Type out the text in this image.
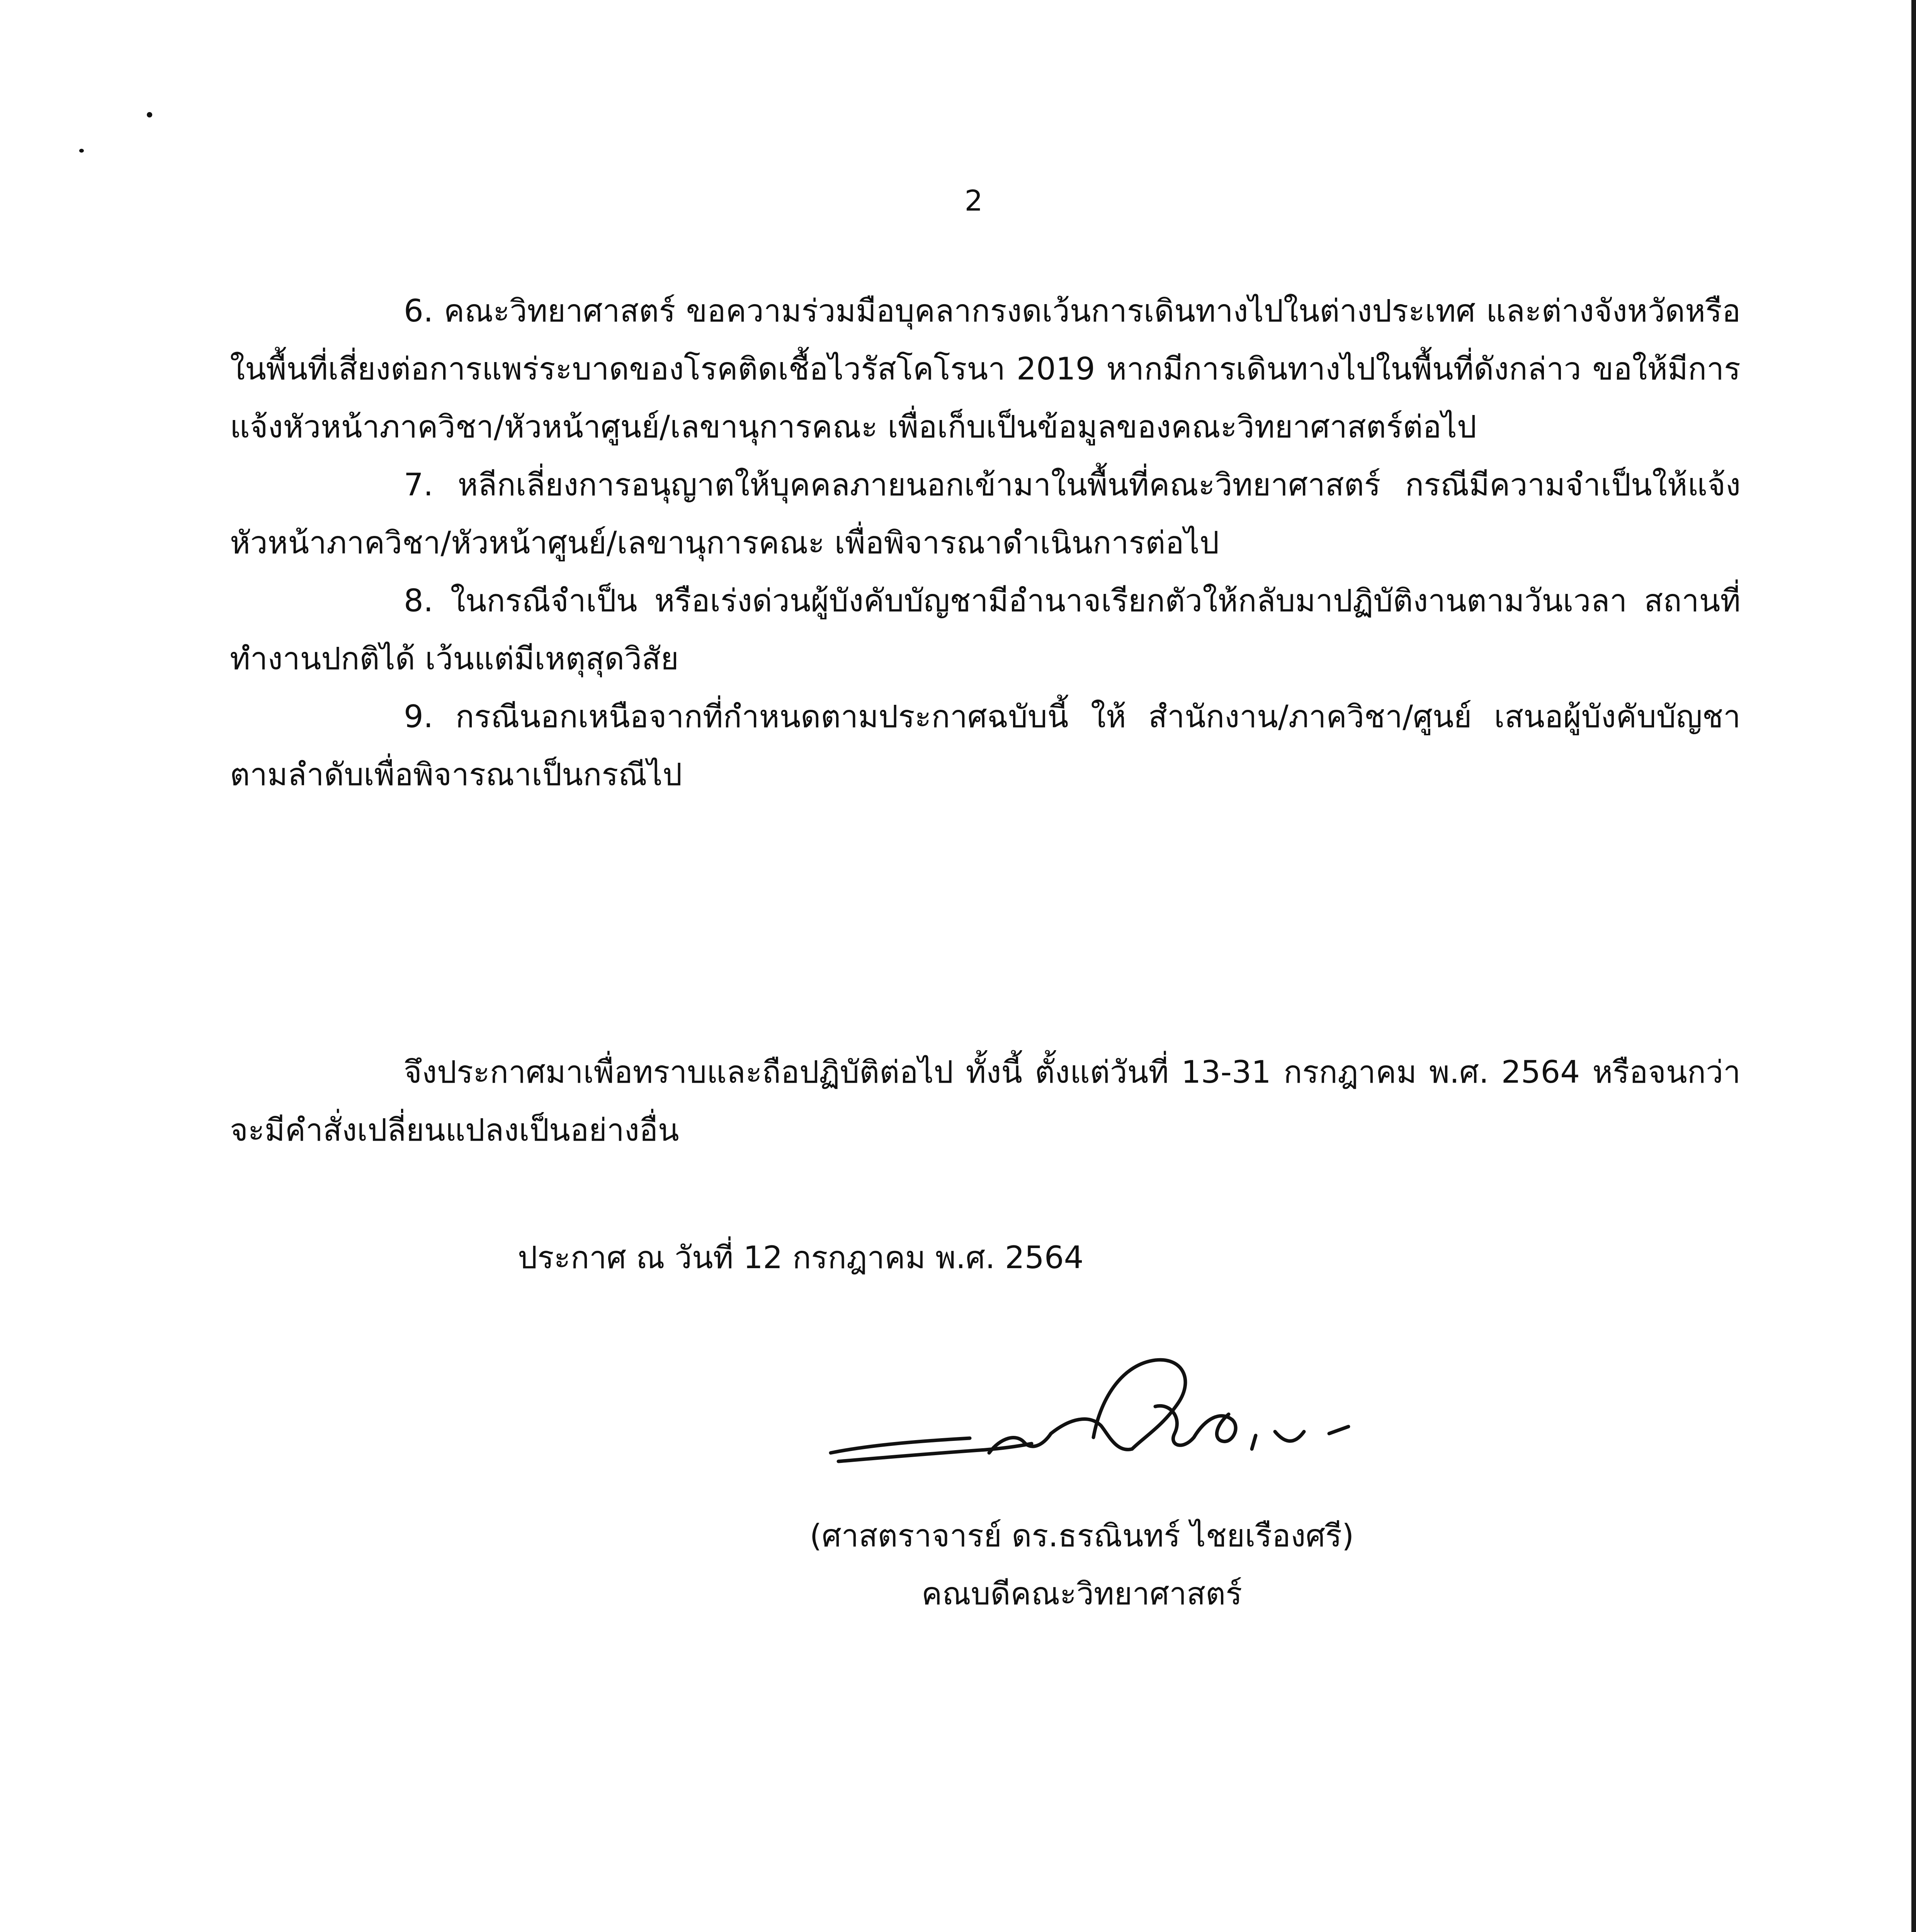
2

6. คณะวิทยาศาสตร์ ขอความร่วมมือบุคลากรงดเว้นการเดินทางไปในต่างประเทศ และต่างจังหวัดหรือในพื้นที่เสี่ยงต่อการแพร่ระบาดของโรคติดเชื้อไวรัสโคโรนา 2019 หากมีการเดินทางไปในพื้นที่ดังกล่าว ขอให้มีการแจ้งหัวหน้าภาควิชา/หัวหน้าศูนย์/เลขานุการคณะ เพื่อเก็บเป็นข้อมูลของคณะวิทยาศาสตร์ต่อไป

7. หลีกเลี่ยงการอนุญาตให้บุคคลภายนอกเข้ามาในพื้นที่คณะวิทยาศาสตร์ กรณีมีความจำเป็นให้แจ้งหัวหน้าภาควิชา/หัวหน้าศูนย์/เลขานุการคณะ เพื่อพิจารณาดำเนินการต่อไป

8. ในกรณีจำเป็น หรือเร่งด่วนผู้บังคับบัญชามีอำนาจเรียกตัวให้กลับมาปฏิบัติงานตามวันเวลา สถานที่ทำงานปกติได้ เว้นแต่มีเหตุสุดวิสัย

9. กรณีนอกเหนือจากที่กำหนดตามประกาศฉบับนี้ ให้ สำนักงาน/ภาควิชา/ศูนย์ เสนอผู้บังคับบัญชาตามลำดับเพื่อพิจารณาเป็นกรณีไป

จึงประกาศมาเพื่อทราบและถือปฏิบัติต่อไป ทั้งนี้ ตั้งแต่วันที่ 13-31 กรกฎาคม พ.ศ. 2564 หรือจนกว่าจะมีคำสั่งเปลี่ยนแปลงเป็นอย่างอื่น

ประกาศ ณ วันที่ 12 กรกฎาคม พ.ศ. 2564
(ศาสตราจารย์ ดร.ธรณินทร์ ไชยเรืองศรี)
คณบดีคณะวิทยาศาสตร์
